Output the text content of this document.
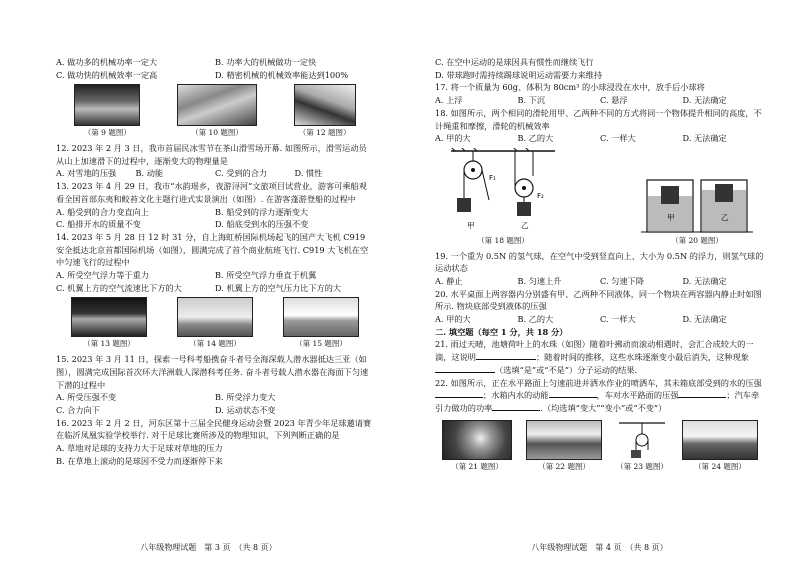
A. 做功多的机械功率一定大	B. 功率大的机械做功一定快
C. 做功快的机械效率一定高	D. 精密机械的机械效率能达到100%
（第 9 题图）	（第 10 题图）	（第 12 题图）
12. 2023 年 2 月 3 日，我市首届民冰雪节在茶山滑雪场开幕. 如图所示，滑雪运动员从山上加速滑下的过程中，逐渐变大的物理量是
A. 对雪地的压强	B. 动能	C. 受到的合力	D. 惯性
13. 2023 年 4 月 29 日，我市“水韵瑶乡，夜游浔河”文旅项目试营业，游客可乘船观看全国首部东夷和鲛苔文化主题行进式实景演出（如图）. 在游客蓬游登船的过程中
A. 船受到的合力变直向上	B. 船受到的浮力逐渐变大
C. 船排开水的质量不变	D. 船底受到水的压强不变
14. 2023 年 5 月 28 日 12 时 31 分，自上海虹桥国际机场起飞的国产大飞机 C919 安全抵达北京首都国际机场（如图），圆满完成了首个商业航班飞行. C919 大飞机在空中匀速飞行的过程中
A. 所受空气浮力等于重力	B. 所受空气浮力垂直于机翼
C. 机翼上方的空气流速比下方的大	D. 机翼上方的空气压力比下方的大
（第 13 题图）	（第 14 题图）	（第 15 题图）
15. 2023 年 3 月 11 日，探索一号科考船携奋斗者号全海深载人潜水器抵达三亚（如图），圆满完成国际首次环大洋洲载人深潜科考任务. 奋斗者号载人潜水器在海面下匀速下潜的过程中
A. 所受压强不变	B. 所受浮力变大
C. 合力向下	D. 运动状态不变
16. 2023 年 2 月 2 日，河东区第十三届全民健身运动会暨 2023 年青少年足球邀请赛在临沂凤凰实验学校举行. 对于足球比赛所涉及的物理知识，下列判断正确的是
A. 草地对足球的支持力大于足球对草地的压力
B. 在草地上滚动的是球因不受力而逐渐停下来
八年级物理试题　第 3 页　（共 8 页）
C. 在空中运动的是球因具有惯性而继续飞行
D. 带球跑时需持续踢球说明运动需要力来维持
17. 将一个质量为 60g、体积为 80cm³ 的小球浸没在水中，放手后小球将
A. 上浮	B. 下沉	C. 悬浮	D. 无法确定
18. 如图所示，两个相同的滑轮用甲、乙两种不同的方式将同一个物体提升相同的高度，不计绳重和摩擦，滑轮的机械效率
A. 甲的大	B. 乙的大	C. 一样大	D. 无法确定
F₁
甲
F₂
乙
（第 18 题图）
甲	乙
（第 20 题图）
19. 一个重为 0.5N 的氢气球，在空气中受到竖直向上、大小为 0.5N 的浮力，则氢气球的运动状态
A. 静止	B. 匀速上升	C. 匀速下降	D. 无法确定
20. 水平桌面上两容器内分别盛有甲、乙两种不同液体，同一个物块在两容器内静止时如图所示. 物块底部受到液体的压强
A. 甲的大	B. 乙的大	C. 一样大	D. 无法确定
二. 填空题（每空 1 分，共 18 分）
21. 雨过天晴，池塘荷叶上的水珠（如图）随着叶拂动而滚动相遇时，会汇合成较大的一滴，这说明	；随着时间的推移，这些水珠逐渐变小最后消失，这种现象（选填“是”或“不是”）分子运动的结果.
22. 如图所示，正在水平路面上匀速前进并洒水作业的喷洒车，其未箱底部受到的水的压强；水箱内水的动能	，车对水平路面的压强	；汽车牵引力做功的功率	.（均选填“变大”“变小”或“不变”）
（第 21 题图）	（第 22 题图）	（第 23 题图）	（第 24 题图）
八年级物理试题　第 4 页　（共 8 页）
